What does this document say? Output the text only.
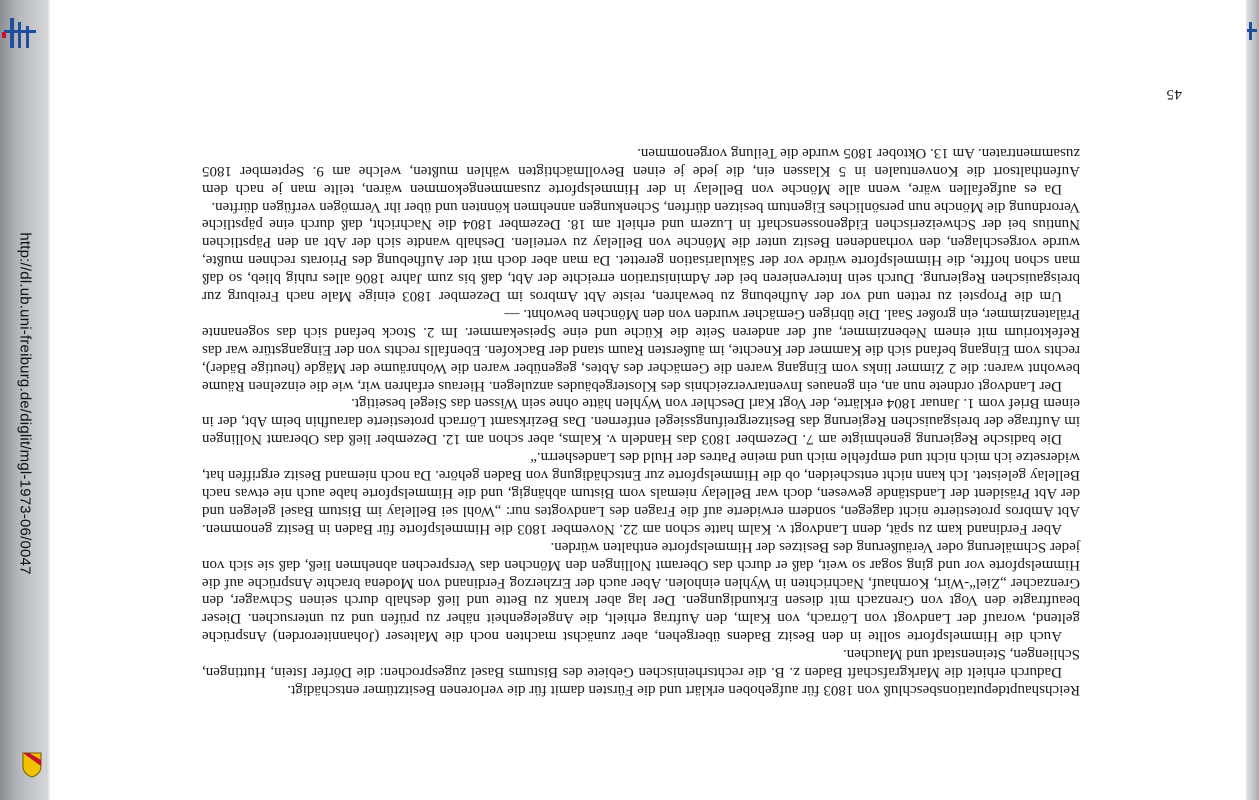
http://dl.ub.uni-freiburg.de/diglit/mgl-1973-06/0047
45

Reichshauptdeputationsbeschluß von 1803 für aufgehoben erklärt und die Fürsten damit für die verlorenen Besitztümer entschädigt.

Dadurch erhielt die Markgrafschaft Baden z. B. die rechtsrheinischen Gebiete des Bistums Basel zugesprochen: die Dörfer Istein, Huttingen, Schliengen, Steinenstadt und Mauchen.

Auch die Himmelspforte sollte in den Besitz Badens übergehen, aber zunächst machten noch die Malteser (Johanniterorden) Ansprüche geltend, worauf der Landvogt von Lörrach, von Kalm, den Auftrag erhielt, die Angelegenheit näher zu prüfen und zu untersuchen. Dieser beauftragte den Vogt von Grenzach mit diesen Erkundigungen. Der lag aber krank zu Bette und ließ deshalb durch seinen Schwager, den Grenzacher „Ziel“-Wirt, Kornhauf, Nachrichten in Wyhlen einholen. Aber auch der Erzherzog Ferdinand von Modena brachte Ansprüche auf die Himmelspforte vor und ging sogar so weit, daß er durch das Oberamt Nollingen den Mönchen das Versprechen abnehmen ließ, daß sie sich von jeder Schmälerung oder Veräußerung des Besitzes der Himmelspforte enthalten würden.

Aber Ferdinand kam zu spät, denn Landvogt v. Kalm hatte schon am 22. November 1803 die Himmelspforte für Baden in Besitz genommen. Abt Ambros protestierte nicht dagegen, sondern erwiderte auf die Fragen des Landvogtes nur: „Wohl sei Bellelay im Bistum Basel gelegen und der Abt Präsident der Landstände gewesen, doch war Bellelay niemals vom Bistum abhängig, und die Himmelspforte habe auch nie etwas nach Bellelay geleistet. Ich kann nicht entscheiden, ob die Himmelspforte zur Entschädigung von Baden gehöre. Da noch niemand Besitz ergriffen hat, widersetze ich mich nicht und empfehle mich und meine Patres der Huld des Landesherrn.“

Die badische Regierung genehmigte am 7. Dezember 1803 das Handeln v. Kalms, aber schon am 12. Dezember ließ das Oberamt Nollingen im Auftrage der breisgauischen Regierung das Besitzergreifungssiegel entfernen. Das Bezirksamt Lörrach protestierte daraufhin beim Abt, der in einem Brief vom 1. Januar 1804 erklärte, der Vogt Karl Deschler von Wyhlen hätte ohne sein Wissen das Siegel beseitigt.

Der Landvogt ordnete nun an, ein genaues Inventarverzeichnis des Klostergebäudes anzulegen. Hieraus erfahren wir, wie die einzelnen Räume bewohnt waren: die 2 Zimmer links vom Eingang waren die Gemächer des Abtes, gegenüber waren die Wohnräume der Mägde (heutige Bäder), rechts vom Eingang befand sich die Kammer der Knechte, im äußersten Raum stand der Backofen. Ebenfalls rechts von der Eingangstüre war das Refektorium mit einem Nebenzimmer, auf der anderen Seite die Küche und eine Speisekammer. Im 2. Stock befand sich das sogenannte Prälatenzimmer, ein großer Saal. Die übrigen Gemächer wurden von den Mönchen bewohnt. —

Um die Propstei zu retten und vor der Aufhebung zu bewahren, reiste Abt Ambros im Dezember 1803 einige Male nach Freiburg zur breisgauischen Regierung. Durch sein Intervenieren bei der Administration erreichte der Abt, daß bis zum Jahre 1806 alles ruhig blieb, so daß man schon hoffte, die Himmelspforte würde vor der Säkularisation gerettet. Da man aber doch mit der Aufhebung des Priorats rechnen mußte, wurde vorgeschlagen, den vorhandenen Besitz unter die Mönche von Bellelay zu verteilen. Deshalb wandte sich der Abt an den Päpstlichen Nuntius bei der Schweizerischen Eidgenossenschaft in Luzern und erhielt am 18. Dezember 1804 die Nachricht, daß durch eine päpstliche Verordnung die Mönche nun persönliches Eigentum besitzen dürften, Schenkungen annehmen könnten und über ihr Vermögen verfügen dürften.

Da es aufgefallen wäre, wenn alle Mönche von Bellelay in der Himmelspforte zusammengekommen wären, teilte man je nach dem Aufenthaltsort die Konventualen in 5 Klassen ein, die jede je einen Bevollmächtigten wählen mußten, welche am 9. September 1805 zusammentraten. Am 13. Oktober 1805 wurde die Teilung vorgenommen.
